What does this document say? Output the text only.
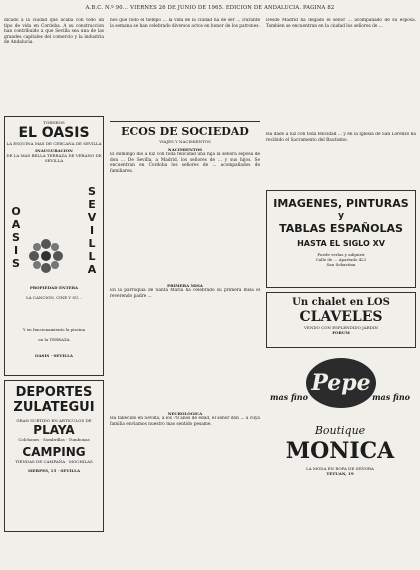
A.B.C. N.º 90... VIERNES 26 DE JUNIO DE 1965. EDICION DE ANDALUCIA. PAGINA 82
dicado a la ciudad que acaba con todo un tipo de vida en Cordoba. A su construccion han contribuido a que Sevilla sea una de las grandes capitales del comercio y la industria de Andalucia.
TORNEOS
EL OASIS
LA ESQUINA MAS DE CERCANA DE SEVILLA
INAUGURACION
DE LA MAS BELLA TERRAZA DE VERANO DE SEVILLA
O
A
S
I
S
S
E
V
I
L
L
A
PROPIEDAD ENTERA
LA CANCION, CINE Y SU...
Y en funcionamiento la piscina
en la TERRAZA
OASIS · SEVILLA
DEPORTES
ZULATEGUI
GRAN SURTIDO EN ARTICULOS DE
PLAYA
Colchones · Sombrillas · Tumbonas
CAMPING
TIENDAS DE CAMPAÑA · MOCHILAS
SIERPES, 15 · SEVILLA
nos que todo el tiempo ... la vida de la ciudad ha de ser ... Durante la semana se han celebrado diversos actos en honor de los patrones.
ECOS DE SOCIEDAD
VIAJES Y NACIMIENTOS
NACIMIENTOS
El domingo dio a luz con toda felicidad una hija la señora esposa de don ... De Sevilla, a Madrid, los señores de ... y sus hijos. Se encuentran en Cordoba los señores de ... acompañados de familiares.
PRIMERA MISA
En la parroquia de Santa Maria ha celebrado su primera misa el reverendo padre ...
NECROLOGICA
Ha fallecido en Sevilla, a los 78 años de edad, el señor don ... a cuya familia enviamos nuestro mas sentido pesame.
Desde Madrid ha llegado el señor ... acompañado de su esposa. Tambien se encuentran en la ciudad los señores de ...
Ha dado a luz con toda felicidad ... y en la Iglesia de San Lorenzo ha recibido el Sacramento del Bautismo.
IMAGENES, PINTURAS
y
TABLAS ESPAÑOLAS
HASTA EL SIGLO XV
Puede verlas y adquirir
Calle de ... Apartado 422
San Sebastian
Un chalet en LOS
CLAVELES
VENDO CON ESPLENDIDO JARDIN
FORUM
Pepe
mas fino	mas fino
Boutique
MONICA
LA MODA EN ROPA DE SEÑORA
TETUAN, 19
